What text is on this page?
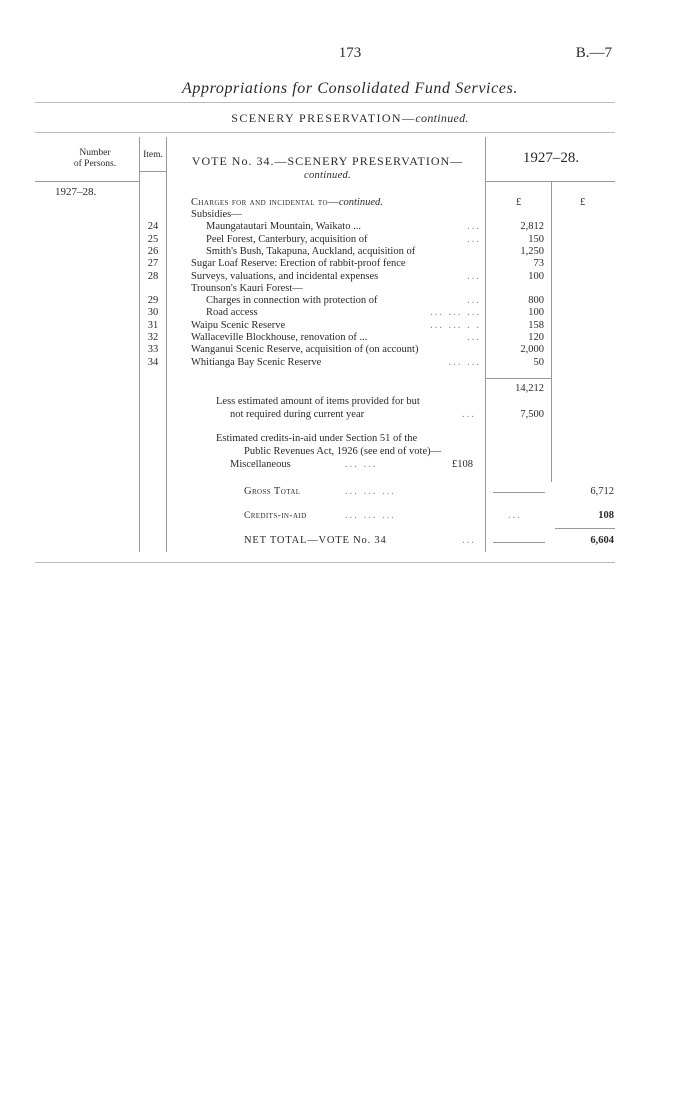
173	B.—7
Appropriations for Consolidated Fund Services.
SCENERY PRESERVATION—continued.
Number
of Persons.
Item.	VOTE No. 34.—SCENERY PRESERVATION—
continued.
1927–28.
1927–28.
£	£
Charges for and incidental to—continued.
Subsidies—
24	Maungatautari Mountain, Waikato ...	...	2,812
25	Peel Forest, Canterbury, acquisition of	...	150
26	Smith's Bush, Takapuna, Auckland, acquisition of	1,250
27	Sugar Loaf Reserve: Erection of rabbit-proof fence	73
28	Surveys, valuations, and incidental expenses	...	100
Trounson's Kauri Forest—
29	Charges in connection with protection of	...	800
30	Road access	... ... ...	100
31	Waipu Scenic Reserve	... ... . .	158
32	Wallaceville Blockhouse, renovation of ...	...	120
33	Wanganui Scenic Reserve, acquisition of (on account)	2,000
34	Whitianga Bay Scenic Reserve	... ...	50
14,212
Less estimated amount of items provided for but
not required during current year	...	7,500
Estimated credits-in-aid under Section 51 of the
Public Revenues Act, 1926 (see end of vote)—
Miscellaneous	... ...	£108
Gross Total	... ... ...	6,712
Credits-in-aid	... ... ...	...	108
NET TOTAL—VOTE No. 34	...	6,604
